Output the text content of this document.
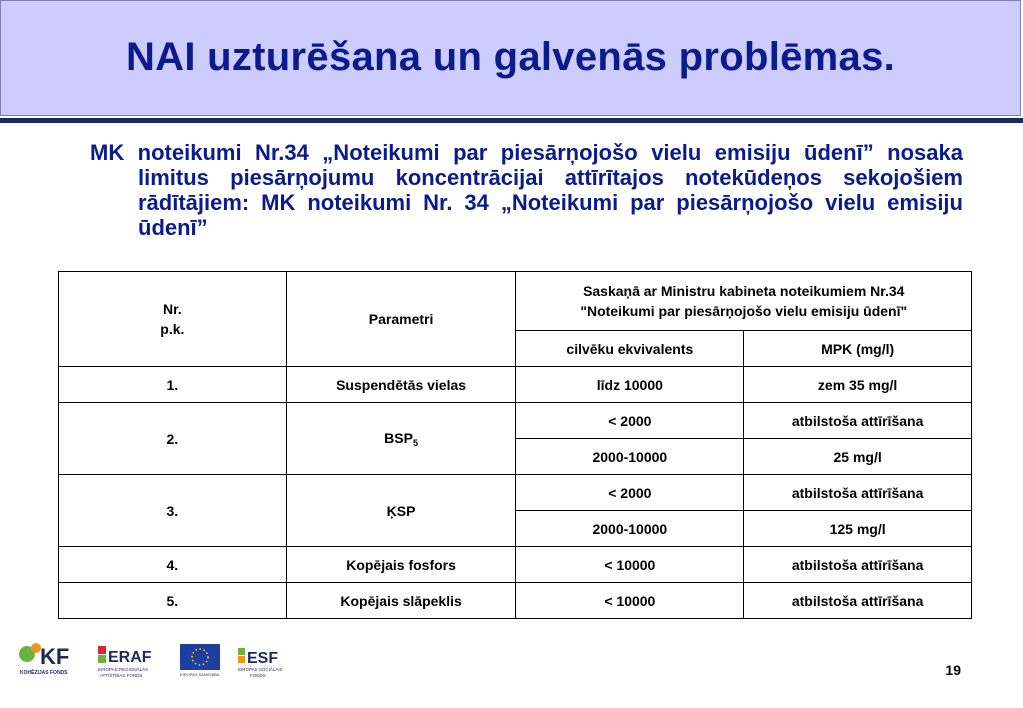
NAI uzturēšana un galvenās problēmas.
MK noteikumi Nr.34 „Noteikumi par piesārņojošo vielu emisiju ūdenī” nosaka limitus piesārņojumu koncentrācijai attīrītajos notekūdeņos sekojošiem rādītājiem: MK noteikumi Nr. 34 „Noteikumi par piesārņojošo vielu emisiju ūdenī”
Nr.
p.k.	Parametri	Saskaņā ar Ministru kabineta noteikumiem Nr.34
"Noteikumi par piesārņojošo vielu emisiju ūdenī"	

		cilvēku ekvivalents	MPK (mg/l)
1.	Suspendētās vielas	līdz 10000	zem 35 mg/l
2.	$BSP_5$	< 2000	atbilstoša attīrīšana
		2000-10000	25 mg/l
3.	ĶSP	< 2000	atbilstoša attīrīšana
		2000-10000	125 mg/l
4.	Kopējais fosfors	< 10000	atbilstoša attīrīšana
5.	Kopējais slāpeklis	< 10000	atbilstoša attīrīšana
KF
KOHĒZIJAS FONDS
ERAF
EIROPAS REĢIONĀLĀS
ATTĪSTĪBAS FONDS	EIROPAS SAVIENĪBA
ESF
EIROPAS SOCIĀLAIS
FONDS	19
